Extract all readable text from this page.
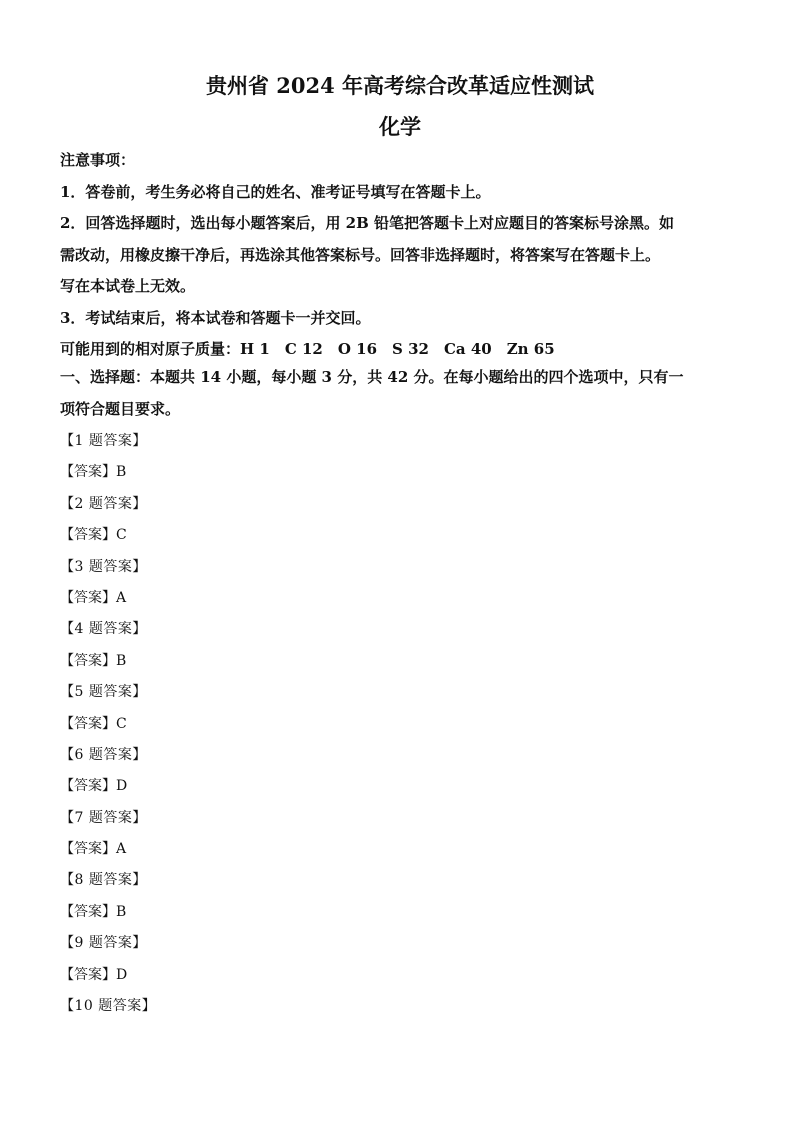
贵州省 2024 年高考综合改革适应性测试
化学
注意事项：
1．答卷前，考生务必将自己的姓名、准考证号填写在答题卡上。
2．回答选择题时，选出每小题答案后，用 2B 铅笔把答题卡上对应题目的答案标号涂黑。如
需改动，用橡皮擦干净后，再选涂其他答案标号。回答非选择题时，将答案写在答题卡上。
写在本试卷上无效。
3．考试结束后，将本试卷和答题卡一并交回。
可能用到的相对原子质量：H 1　C 12　O 16　S 32　Ca 40　Zn 65
一、选择题：本题共 14 小题，每小题 3 分，共 42 分。在每小题给出的四个选项中，只有一
项符合题目要求。
【1 题答案】
【答案】B
【2 题答案】
【答案】C
【3 题答案】
【答案】A
【4 题答案】
【答案】B
【5 题答案】
【答案】C
【6 题答案】
【答案】D
【7 题答案】
【答案】A
【8 题答案】
【答案】B
【9 题答案】
【答案】D
【10 题答案】
